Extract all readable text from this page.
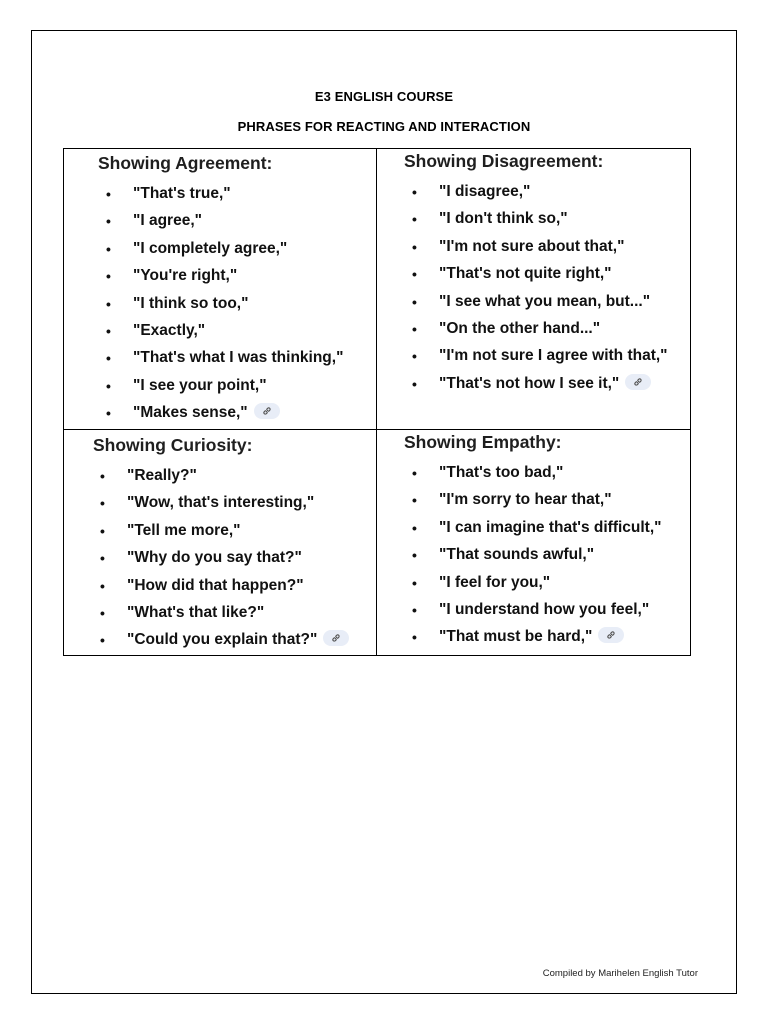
E3 ENGLISH COURSE
PHRASES FOR REACTING AND INTERACTION
Showing Agreement:
• "That's true,"
• "I agree,"
• "I completely agree,"
• "You're right,"
• "I think so too,"
• "Exactly,"
• "That's what I was thinking,"
• "I see your point,"
• "Makes sense,"
Showing Disagreement:
• "I disagree,"
• "I don't think so,"
• "I'm not sure about that,"
• "That's not quite right,"
• "I see what you mean, but..."
• "On the other hand..."
• "I'm not sure I agree with that,"
• "That's not how I see it,"
Showing Curiosity:
• "Really?"
• "Wow, that's interesting,"
• "Tell me more,"
• "Why do you say that?"
• "How did that happen?"
• "What's that like?"
• "Could you explain that?"
Showing Empathy:
• "That's too bad,"
• "I'm sorry to hear that,"
• "I can imagine that's difficult,"
• "That sounds awful,"
• "I feel for you,"
• "I understand how you feel,"
• "That must be hard,"
Compiled by Marihelen English Tutor
